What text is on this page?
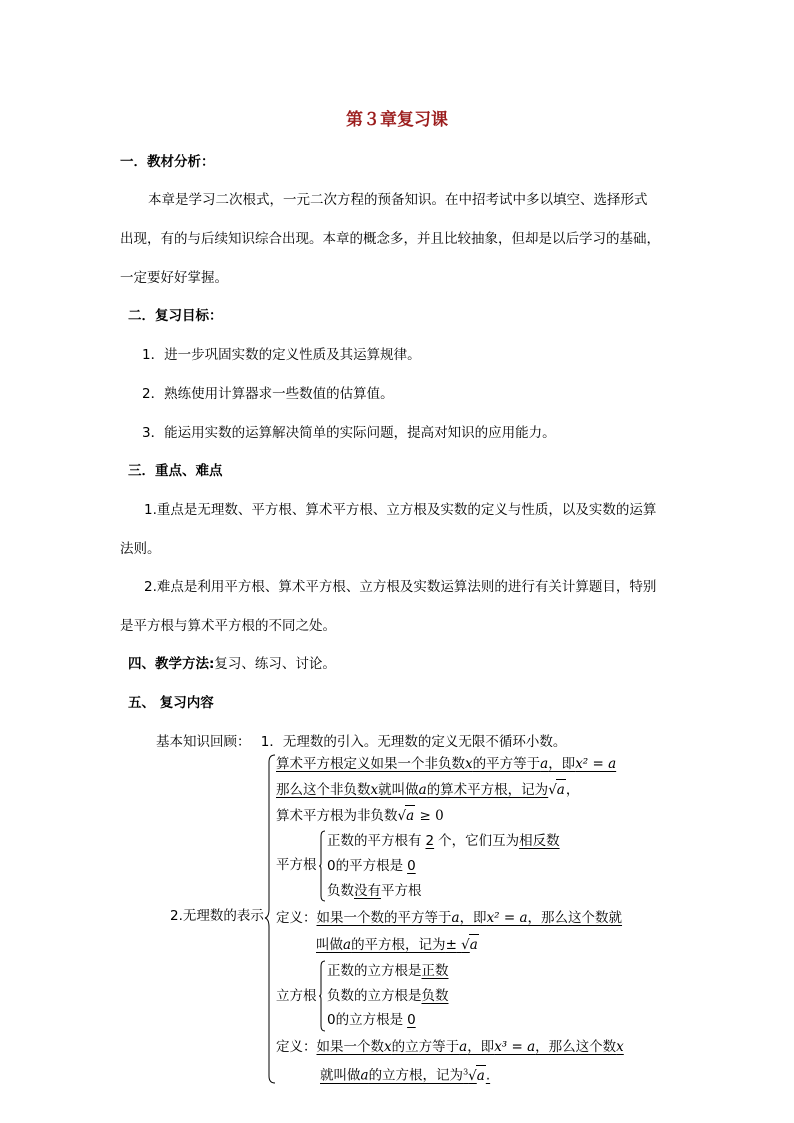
第３章复习课
一．教材分析：
本章是学习二次根式，一元二次方程的预备知识。在中招考试中多以填空、选择形式
出现，有的与后续知识综合出现。本章的概念多，并且比较抽象，但却是以后学习的基础，
一定要好好掌握。
二．复习目标：
1．进一步巩固实数的定义性质及其运算规律。
2．熟练使用计算器求一些数值的估算值。
3．能运用实数的运算解决简单的实际问题，提高对知识的应用能力。
三．重点、难点
1.重点是无理数、平方根、算术平方根、立方根及实数的定义与性质，以及实数的运算
法则。
2.难点是利用平方根、算术平方根、立方根及实数运算法则的进行有关计算题目，特别
是平方根与算术平方根的不同之处。
四、教学方法:复习、练习、讨论。
五、 复习内容
基本知识回顾： 1．无理数的引入。无理数的定义无限不循环小数。
2.无理数的表示
算术平方根定义如果一个非负数x的平方等于a，即x² = a
那么这个非负数x就叫做a的算术平方根，记为√a，
算术平方根为非负数√a ≥ 0
平方根
正数的平方根有 2 个，它们互为相反数
0的平方根是 0
负数没有平方根
定义：如果一个数的平方等于a，即x² = a，那么这个数就
叫做a的平方根，记为± √a
立方根
正数的立方根是正数
负数的立方根是负数
0的立方根是 0
定义：如果一个数x的立方等于a，即x³ = a，那么这个数x
就叫做a的立方根，记为$^3$√a.
